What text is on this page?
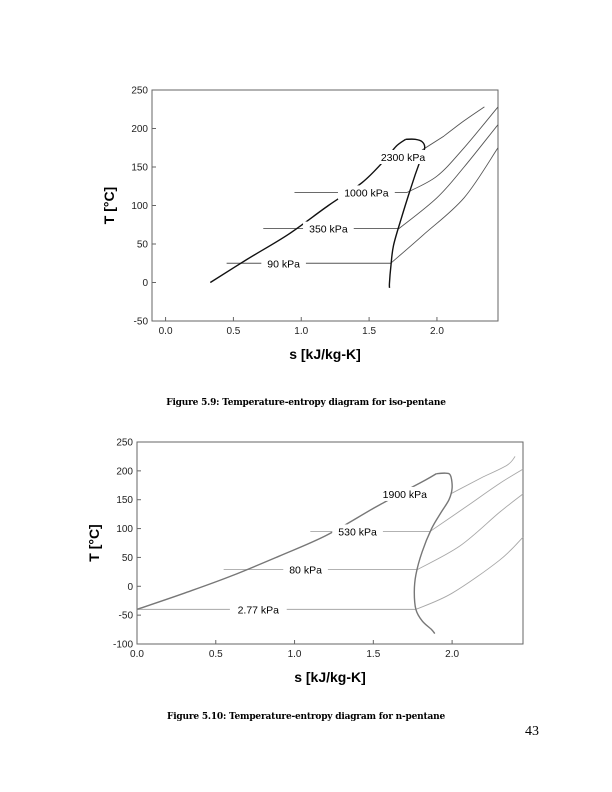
-50
0
50
100
150
200
250
0.0	0.5	1.0	1.5	2.0
s [kJ/kg-K]
T [°C]
2300 kPa
1000 kPa
350 kPa
90 kPa
Figure 5.9: Temperature-entropy diagram for iso-pentane
-100
-50
0
50
100
150
200
250
0.0	0.5	1.0	1.5	2.0
s [kJ/kg-K]
T [°C]
1900 kPa
530 kPa
80 kPa
2.77 kPa
Figure 5.10: Temperature-entropy diagram for n-pentane
43
